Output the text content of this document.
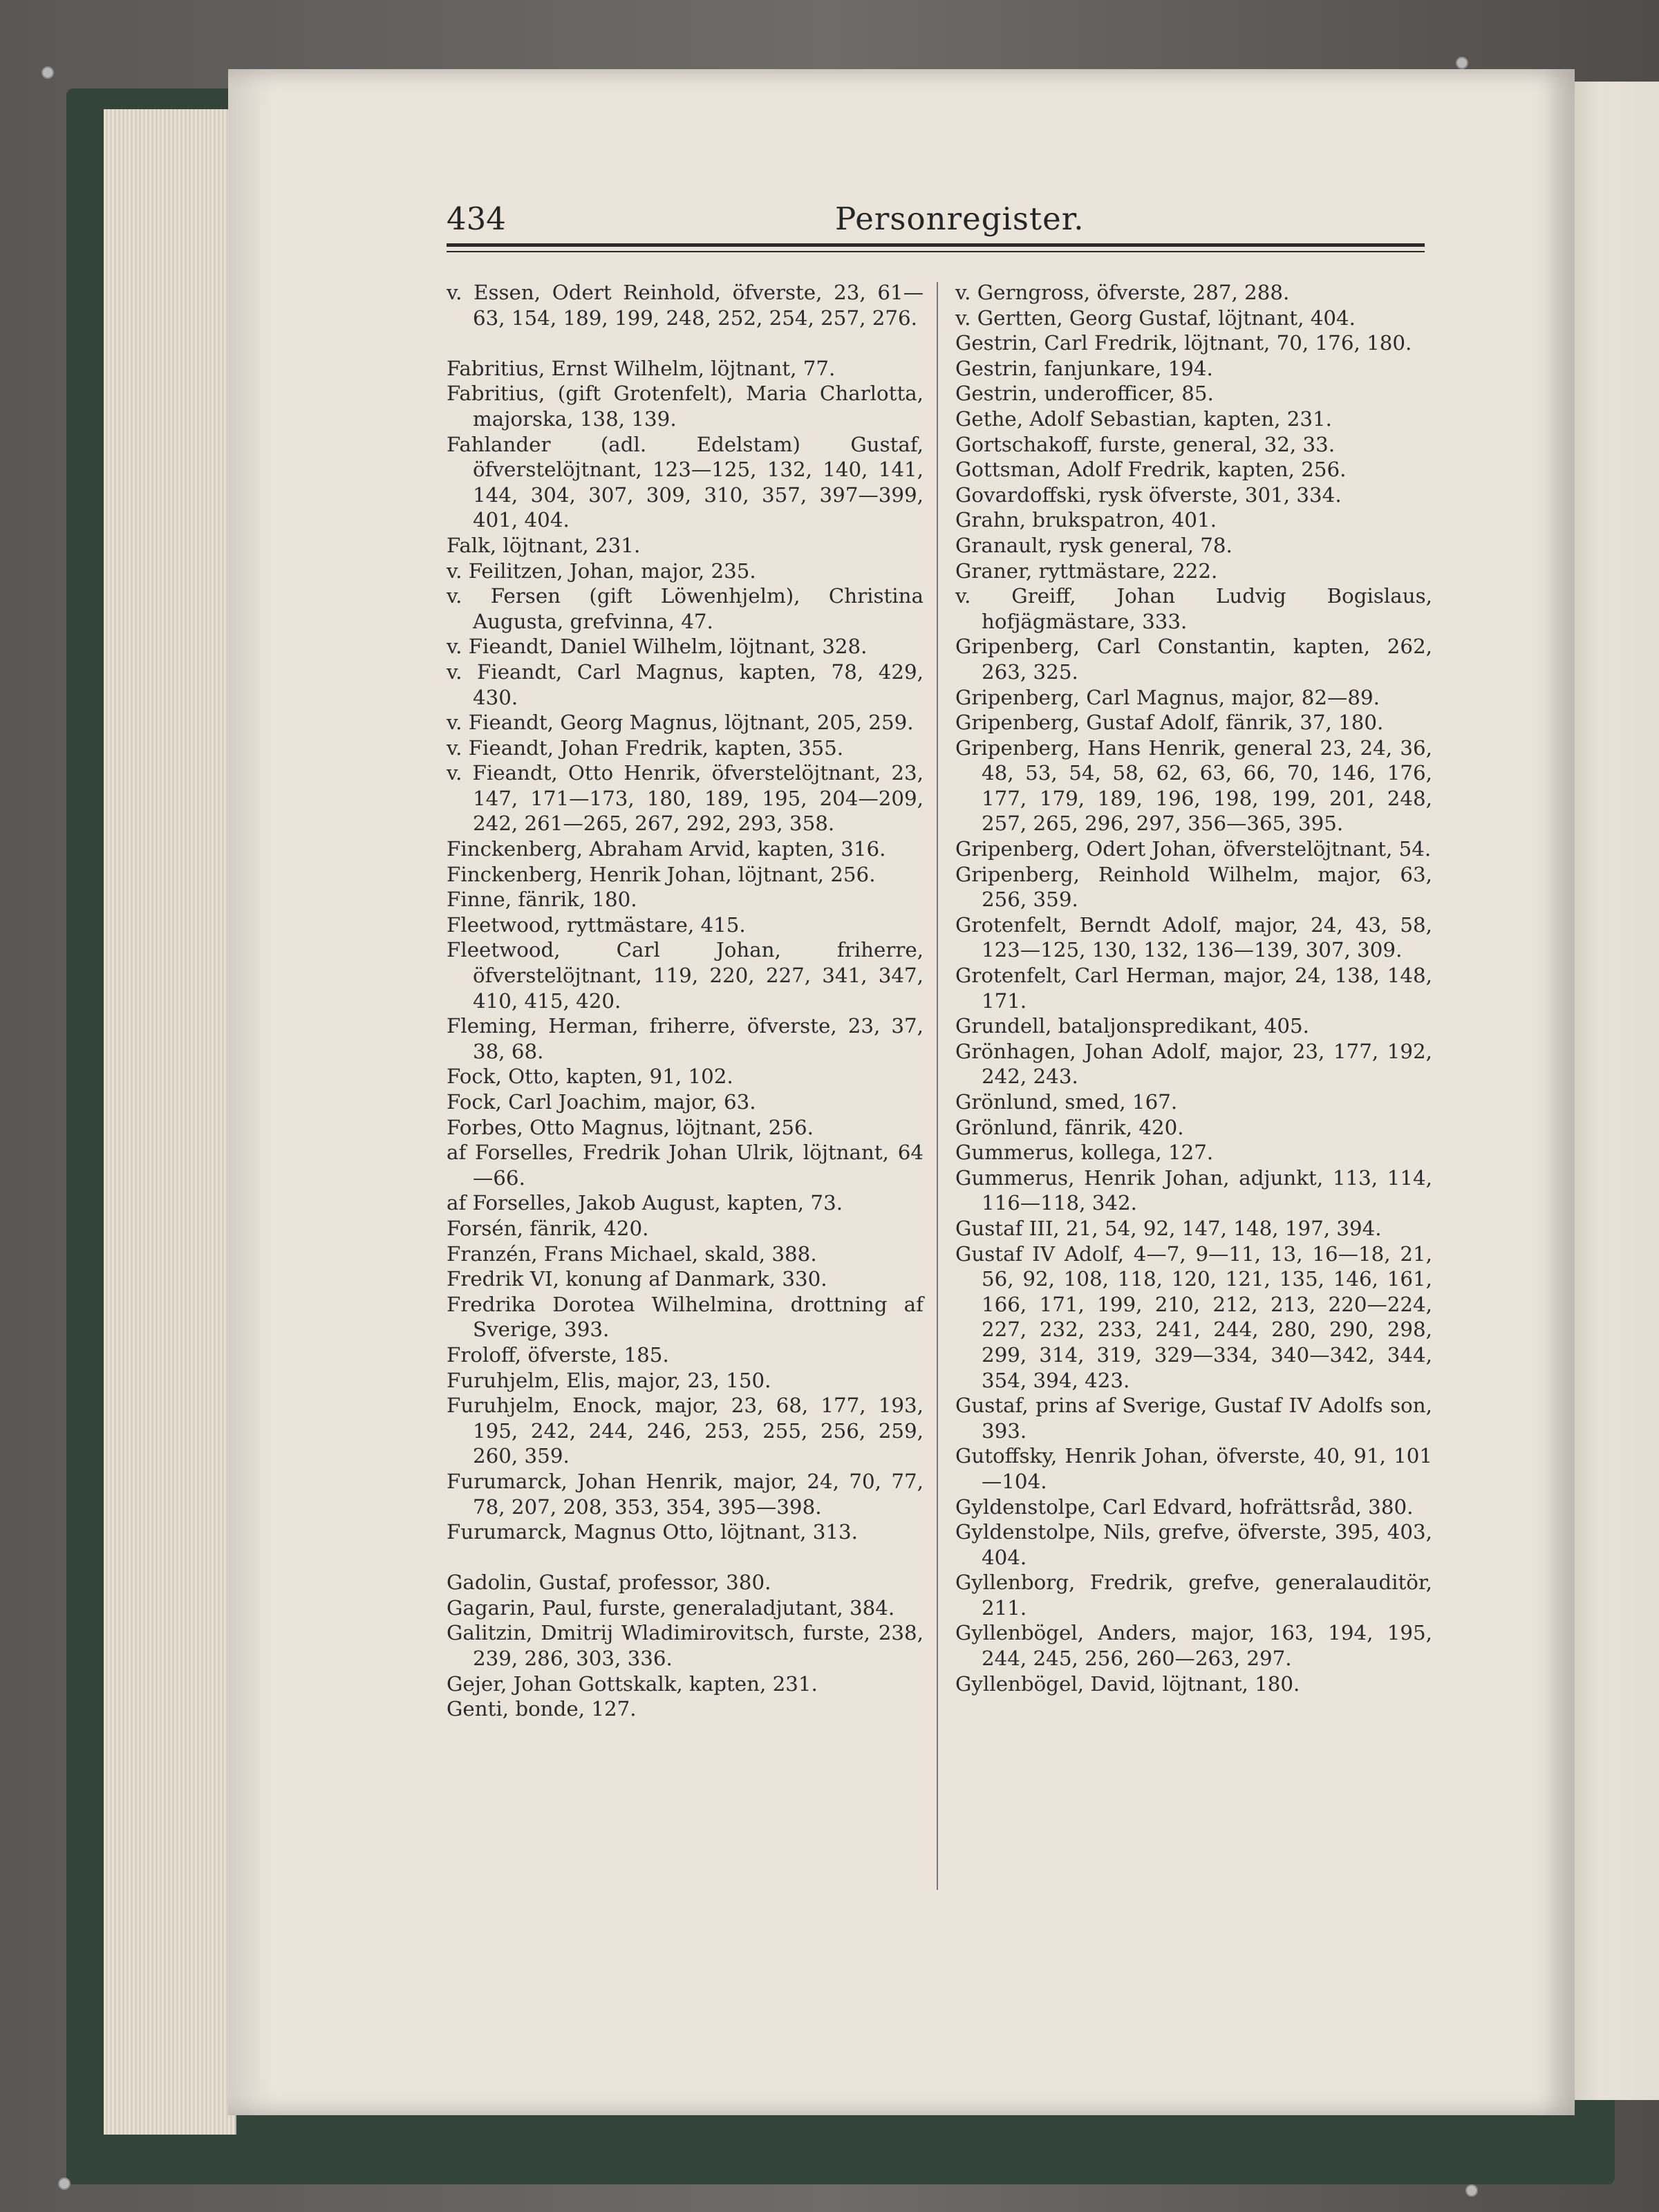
434	Personregister.
v. Essen, Odert Reinhold, öfverste, 23, 61—63, 154, 189, 199, 248, 252, 254, 257, 276.
Fabritius, Ernst Wilhelm, löjtnant, 77.
Fabritius, (gift Grotenfelt), Maria Charlotta, majorska, 138, 139.
Fahlander (adl. Edelstam) Gustaf, öfverstelöjtnant, 123—125, 132, 140, 141, 144, 304, 307, 309, 310, 357, 397—399, 401, 404.
Falk, löjtnant, 231.
v. Feilitzen, Johan, major, 235.
v. Fersen (gift Löwenhjelm), Christina Augusta, grefvinna, 47.
v. Fieandt, Daniel Wilhelm, löjtnant, 328.
v. Fieandt, Carl Magnus, kapten, 78, 429, 430.
v. Fieandt, Georg Magnus, löjtnant, 205, 259.
v. Fieandt, Johan Fredrik, kapten, 355.
v. Fieandt, Otto Henrik, öfverstelöjtnant, 23, 147, 171—173, 180, 189, 195, 204—209, 242, 261—265, 267, 292, 293, 358.
Finckenberg, Abraham Arvid, kapten, 316.
Finckenberg, Henrik Johan, löjtnant, 256.
Finne, fänrik, 180.
Fleetwood, ryttmästare, 415.
Fleetwood, Carl Johan, friherre, öfverstelöjtnant, 119, 220, 227, 341, 347, 410, 415, 420.
Fleming, Herman, friherre, öfverste, 23, 37, 38, 68.
Fock, Otto, kapten, 91, 102.
Fock, Carl Joachim, major, 63.
Forbes, Otto Magnus, löjtnant, 256.
af Forselles, Fredrik Johan Ulrik, löjtnant, 64—66.
af Forselles, Jakob August, kapten, 73.
Forsén, fänrik, 420.
Franzén, Frans Michael, skald, 388.
Fredrik VI, konung af Danmark, 330.
Fredrika Dorotea Wilhelmina, drottning af Sverige, 393.
Froloff, öfverste, 185.
Furuhjelm, Elis, major, 23, 150.
Furuhjelm, Enock, major, 23, 68, 177, 193, 195, 242, 244, 246, 253, 255, 256, 259, 260, 359.
Furumarck, Johan Henrik, major, 24, 70, 77, 78, 207, 208, 353, 354, 395—398.
Furumarck, Magnus Otto, löjtnant, 313.
Gadolin, Gustaf, professor, 380.
Gagarin, Paul, furste, generaladjutant, 384.
Galitzin, Dmitrij Wladimirovitsch, furste, 238, 239, 286, 303, 336.
Gejer, Johan Gottskalk, kapten, 231.
Genti, bonde, 127.
v. Gerngross, öfverste, 287, 288.
v. Gertten, Georg Gustaf, löjtnant, 404.
Gestrin, Carl Fredrik, löjtnant, 70, 176, 180.
Gestrin, fanjunkare, 194.
Gestrin, underofficer, 85.
Gethe, Adolf Sebastian, kapten, 231.
Gortschakoff, furste, general, 32, 33.
Gottsman, Adolf Fredrik, kapten, 256.
Govardoffski, rysk öfverste, 301, 334.
Grahn, brukspatron, 401.
Granault, rysk general, 78.
Graner, ryttmästare, 222.
v. Greiff, Johan Ludvig Bogislaus, hofjägmästare, 333.
Gripenberg, Carl Constantin, kapten, 262, 263, 325.
Gripenberg, Carl Magnus, major, 82—89.
Gripenberg, Gustaf Adolf, fänrik, 37, 180.
Gripenberg, Hans Henrik, general 23, 24, 36, 48, 53, 54, 58, 62, 63, 66, 70, 146, 176, 177, 179, 189, 196, 198, 199, 201, 248, 257, 265, 296, 297, 356—365, 395.
Gripenberg, Odert Johan, öfverstelöjtnant, 54.
Gripenberg, Reinhold Wilhelm, major, 63, 256, 359.
Grotenfelt, Berndt Adolf, major, 24, 43, 58, 123—125, 130, 132, 136—139, 307, 309.
Grotenfelt, Carl Herman, major, 24, 138, 148, 171.
Grundell, bataljonspredikant, 405.
Grönhagen, Johan Adolf, major, 23, 177, 192, 242, 243.
Grönlund, smed, 167.
Grönlund, fänrik, 420.
Gummerus, kollega, 127.
Gummerus, Henrik Johan, adjunkt, 113, 114, 116—118, 342.
Gustaf III, 21, 54, 92, 147, 148, 197, 394.
Gustaf IV Adolf, 4—7, 9—11, 13, 16—18, 21, 56, 92, 108, 118, 120, 121, 135, 146, 161, 166, 171, 199, 210, 212, 213, 220—224, 227, 232, 233, 241, 244, 280, 290, 298, 299, 314, 319, 329—334, 340—342, 344, 354, 394, 423.
Gustaf, prins af Sverige, Gustaf IV Adolfs son, 393.
Gutoffsky, Henrik Johan, öfverste, 40, 91, 101—104.
Gyldenstolpe, Carl Edvard, hofrättsråd, 380.
Gyldenstolpe, Nils, grefve, öfverste, 395, 403, 404.
Gyllenborg, Fredrik, grefve, generalauditör, 211.
Gyllenbögel, Anders, major, 163, 194, 195, 244, 245, 256, 260—263, 297.
Gyllenbögel, David, löjtnant, 180.
